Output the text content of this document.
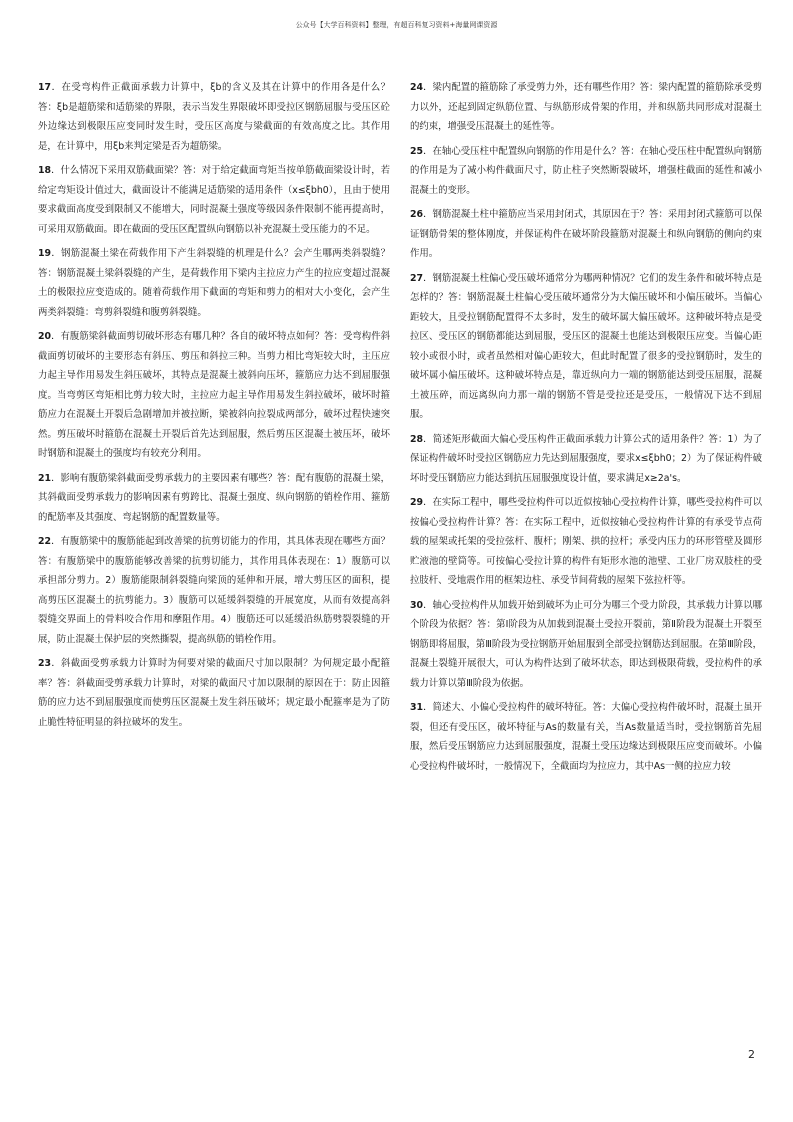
公众号【大学百科资料】整理，有超百科复习资料+海量网课资源
17．在受弯构件正截面承载力计算中，ξb的含义及其在计算中的作用各是什么？答：ξb是超筋梁和适筋梁的界限，表示当发生界限破坏即受拉区钢筋屈服与受压区砼外边缘达到极限压应变同时发生时，受压区高度与梁截面的有效高度之比。其作用是，在计算中，用ξb来判定梁是否为超筋梁。
18．什么情况下采用双筋截面梁？答：对于给定截面弯矩当按单筋截面梁设计时，若给定弯矩设计值过大，截面设计不能满足适筋梁的适用条件（x≤ξbh0），且由于使用要求截面高度受到限制又不能增大，同时混凝土强度等级因条件限制不能再提高时，可采用双筋截面。即在截面的受压区配置纵向钢筋以补充混凝土受压能力的不足。
19．钢筋混凝土梁在荷载作用下产生斜裂缝的机理是什么？会产生哪两类斜裂缝？答：钢筋混凝土梁斜裂缝的产生，是荷载作用下梁内主拉应力产生的拉应变超过混凝土的极限拉应变造成的。随着荷载作用下截面的弯矩和剪力的相对大小变化，会产生两类斜裂缝：弯剪斜裂缝和腹剪斜裂缝。
20．有腹筋梁斜截面剪切破坏形态有哪几种？各自的破坏特点如何？答：受弯构件斜截面剪切破坏的主要形态有斜压、剪压和斜拉三种。当剪力相比弯矩较大时，主压应力起主导作用易发生斜压破坏，其特点是混凝土被斜向压坏，箍筋应力达不到屈服强度。当弯剪区弯矩相比剪力较大时，主拉应力起主导作用易发生斜拉破坏，破坏时箍筋应力在混凝土开裂后急剧增加并被拉断，梁被斜向拉裂成两部分，破坏过程快速突然。剪压破坏时箍筋在混凝土开裂后首先达到屈服，然后剪压区混凝土被压坏，破坏时钢筋和混凝土的强度均有较充分利用。
21．影响有腹筋梁斜截面受剪承载力的主要因素有哪些？答：配有腹筋的混凝土梁，其斜截面受剪承载力的影响因素有剪跨比、混凝土强度、纵向钢筋的销栓作用、箍筋的配筋率及其强度、弯起钢筋的配置数量等。
22．有腹筋梁中的腹筋能起到改善梁的抗剪切能力的作用，其具体表现在哪些方面？答：有腹筋梁中的腹筋能够改善梁的抗剪切能力，其作用具体表现在：1）腹筋可以承担部分剪力。2）腹筋能限制斜裂缝向梁顶的延伸和开展，增大剪压区的面积，提高剪压区混凝土的抗剪能力。3）腹筋可以延缓斜裂缝的开展宽度，从而有效提高斜裂缝交界面上的骨料咬合作用和摩阻作用。4）腹筋还可以延缓沿纵筋劈裂裂缝的开展，防止混凝土保护层的突然撕裂，提高纵筋的销栓作用。
23．斜截面受剪承载力计算时为何要对梁的截面尺寸加以限制？为何规定最小配箍率？答：斜截面受剪承载力计算时，对梁的截面尺寸加以限制的原因在于：防止因箍筋的应力达不到屈服强度而使剪压区混凝土发生斜压破坏；规定最小配箍率是为了防止脆性特征明显的斜拉破坏的发生。
24．梁内配置的箍筋除了承受剪力外，还有哪些作用？答：梁内配置的箍筋除承受剪力以外，还起到固定纵筋位置、与纵筋形成骨架的作用，并和纵筋共同形成对混凝土的约束，增强受压混凝土的延性等。
25．在轴心受压柱中配置纵向钢筋的作用是什么？答：在轴心受压柱中配置纵向钢筋的作用是为了减小构件截面尺寸，防止柱子突然断裂破坏，增强柱截面的延性和减小混凝土的变形。
26．钢筋混凝土柱中箍筋应当采用封闭式，其原因在于？答：采用封闭式箍筋可以保证钢筋骨架的整体刚度，并保证构件在破坏阶段箍筋对混凝土和纵向钢筋的侧向约束作用。
27．钢筋混凝土柱偏心受压破坏通常分为哪两种情况？它们的发生条件和破坏特点是怎样的？答：钢筋混凝土柱偏心受压破坏通常分为大偏压破坏和小偏压破坏。当偏心距较大，且受拉钢筋配置得不太多时，发生的破坏属大偏压破坏。这种破坏特点是受拉区、受压区的钢筋都能达到屈服，受压区的混凝土也能达到极限压应变。当偏心距较小或很小时，或者虽然相对偏心距较大，但此时配置了很多的受拉钢筋时，发生的破坏属小偏压破坏。这种破坏特点是，靠近纵向力一端的钢筋能达到受压屈服，混凝土被压碎，而远离纵向力那一端的钢筋不管是受拉还是受压，一般情况下达不到屈服。
28．简述矩形截面大偏心受压构件正截面承载力计算公式的适用条件？答：1）为了保证构件破坏时受拉区钢筋应力先达到屈服强度，要求x≤ξbh0；2）为了保证构件破坏时受压钢筋应力能达到抗压屈服强度设计值，要求满足x≥2a's。
29．在实际工程中，哪些受拉构件可以近似按轴心受拉构件计算，哪些受拉构件可以按偏心受拉构件计算？答：在实际工程中，近似按轴心受拉构件计算的有承受节点荷载的屋架或托架的受拉弦杆、腹杆；刚架、拱的拉杆；承受内压力的环形管壁及圆形贮液池的壁筒等。可按偏心受拉计算的构件有矩形水池的池壁、工业厂房双肢柱的受拉肢杆、受地震作用的框架边柱、承受节间荷载的屋架下弦拉杆等。
30．轴心受拉构件从加载开始到破坏为止可分为哪三个受力阶段，其承载力计算以哪个阶段为依据？答：第Ⅰ阶段为从加载到混凝土受拉开裂前，第Ⅱ阶段为混凝土开裂至钢筋即将屈服，第Ⅲ阶段为受拉钢筋开始屈服到全部受拉钢筋达到屈服。在第Ⅲ阶段，混凝土裂缝开展很大，可认为构件达到了破坏状态，即达到极限荷载，受拉构件的承载力计算以第Ⅲ阶段为依据。
31．简述大、小偏心受拉构件的破坏特征。答：大偏心受拉构件破坏时，混凝土虽开裂，但还有受压区，破坏特征与As的数量有关，当As数量适当时，受拉钢筋首先屈服，然后受压钢筋应力达到屈服强度，混凝土受压边缘达到极限压应变而破坏。小偏心受拉构件破坏时，一般情况下，全截面均为拉应力，其中As一侧的拉应力较
2
